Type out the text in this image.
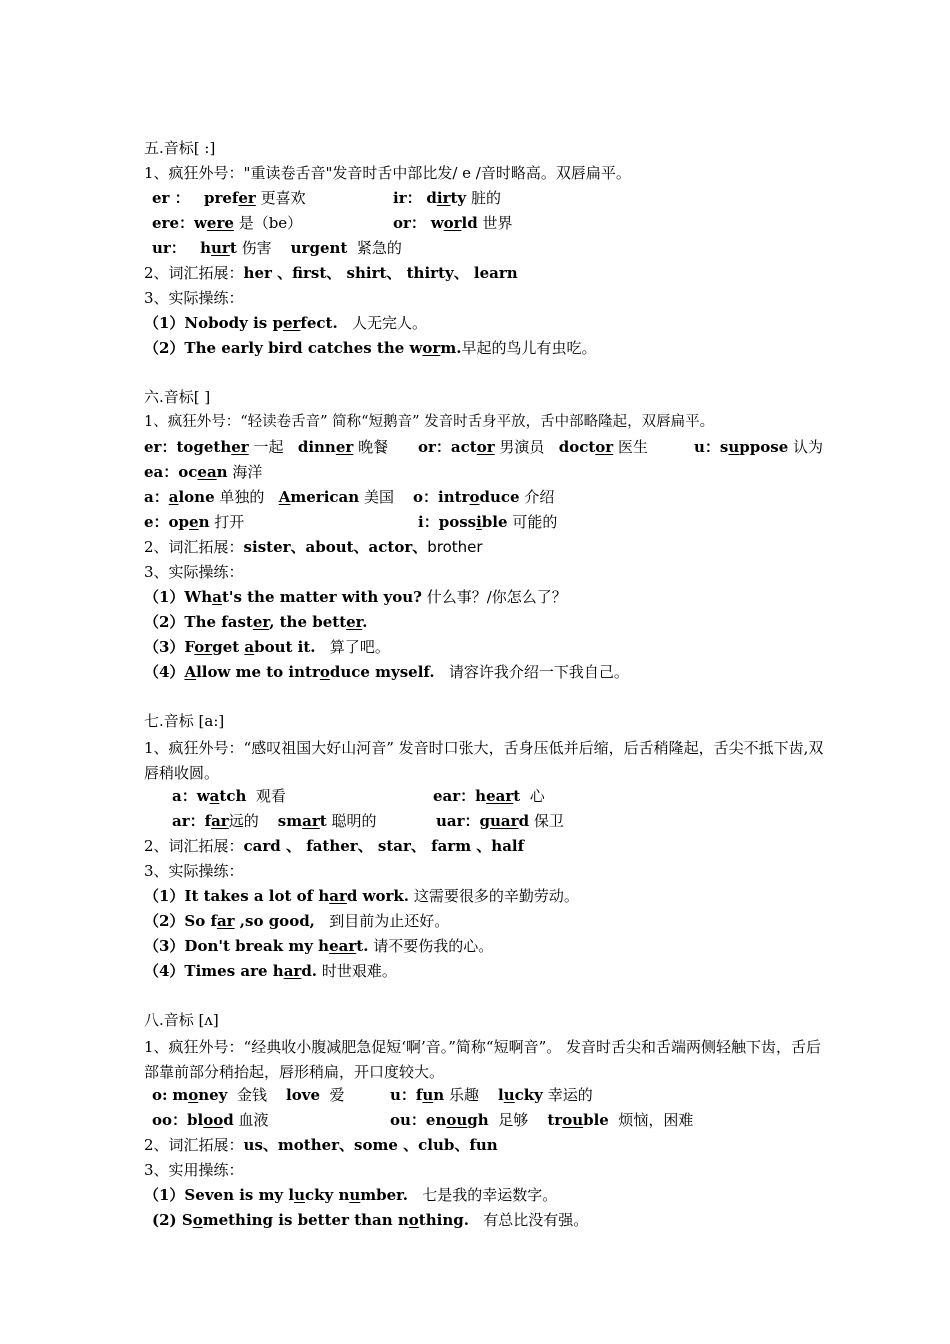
五.音标[ :]
1、疯狂外号："重读卷舌音"发音时舌中部比发/ e /音时略高。双唇扁平。
er ： prefer 更喜欢	ir： dirty 脏的
ere：were 是（be）	or： world 世界
ur： hurt 伤害 urgent 紧急的
2、词汇拓展：her 、first、 shirt、 thirty、 learn
3、实际操练：
（1）Nobody is perfect. 人无完人。
（2）The early bird catches the worm.早起的鸟儿有虫吃。
六.音标[ ]
1、疯狂外号：“轻读卷舌音” 简称“短鹅音” 发音时舌身平放，舌中部略隆起，双唇扁平。
er：together 一起 dinner 晚餐 or：actor 男演员 doctor 医生	u：suppose 认为
ea：ocean 海洋
a：alone 单独的 American 美国 o：introduce 介绍
e：open 打开	i：possible 可能的
2、词汇拓展：sister、about、actor、brother
3、实际操练：
（1）What's the matter with you? 什么事？/你怎么了？
（2）The faster, the better.
（3）Forget about it. 算了吧。
（4）Allow me to introduce myself. 请容许我介绍一下我自己。
七.音标 [a:]
1、疯狂外号：“感叹祖国大好山河音” 发音时口张大，舌身压低并后缩，后舌稍隆起，舌尖不抵下齿,双唇稍收圆。
a：watch 观看	ear：heart 心
ar：far远的 smart 聪明的	uar：guard 保卫
2、词汇拓展：card 、 father、 star、 farm 、half
3、实际操练：
（1）It takes a lot of hard work. 这需要很多的辛勤劳动。
（2）So far ,so good, 到目前为止还好。
（3）Don't break my heart. 请不要伤我的心。
（4）Times are hard. 时世艰难。
八.音标 [ʌ]
1、疯狂外号：“经典收小腹减肥急促短‘啊’音。”简称“短啊音”。 发音时舌尖和舌端两侧轻触下齿，舌后部靠前部分稍抬起，唇形稍扁，开口度较大。
o: money 金钱 love 爱	u：fun 乐趣 lucky 幸运的
oo：blood 血液	ou：enough 足够 trouble 烦恼，困难
2、词汇拓展：us、mother、some 、club、fun
3、实用操练：
（1）Seven is my lucky number. 七是我的幸运数字。
(2) Something is better than nothing. 有总比没有强。
